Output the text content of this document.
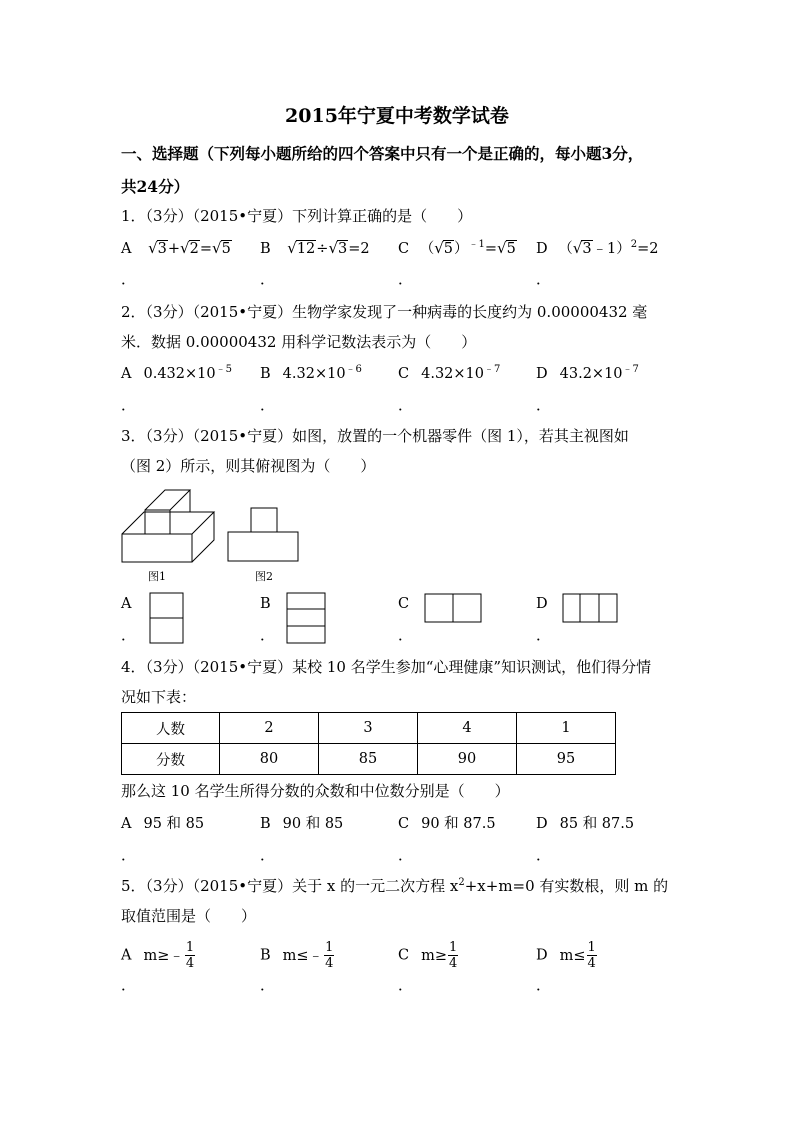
2015年宁夏中考数学试卷
一、选择题（下列每小题所给的四个答案中只有一个是正确的，每小题3分，
共24分）
1．（3分）（2015•宁夏）下列计算正确的是（　　）
A √3+√2=√5 B √12÷√3=2 C $(√5)^{﹣1}=√5$ D （√3﹣1）$^2$=2
．	．	．	．
2．（3分）（2015•宁夏）生物学家发现了一种病毒的长度约为 0.00000432 毫
米．数据 0.00000432 用科学记数法表示为（　　）
A $0.432\times 10^{﹣5}$ B $4.32\times 10^{﹣6}$ C $4.32\times 10^{﹣7}$ D $43.2\times 10^{﹣7}$
．	．	．	．
3．（3分）（2015•宁夏）如图，放置的一个机器零件（图 1），若其主视图如
（图 2）所示，则其俯视图为（　　）
图1	图2
A	B	C	D
．	．	．	．
4．（3分）（2015•宁夏）某校 10 名学生参加“心理健康”知识测试，他们得分情
况如下表：
人数	2	3	4	1
分数	80	85	90	95
那么这 10 名学生所得分数的众数和中位数分别是（　　）
A 95 和 85	B 90 和 85	C 90 和 87.5	D 85 和 87.5
．	．	．	．
5．（3分）（2015•宁夏）关于 x 的一元二次方程 $x^2+x+m=0$ 有实数根，则 m 的
取值范围是（　　）
A m≥﹣ $\frac{1}{4}$	B m≤﹣ $\frac{1}{4}$	C $m\ge \frac{1}{4}$	D $m\le \frac{1}{4}$
．	．	．	．
